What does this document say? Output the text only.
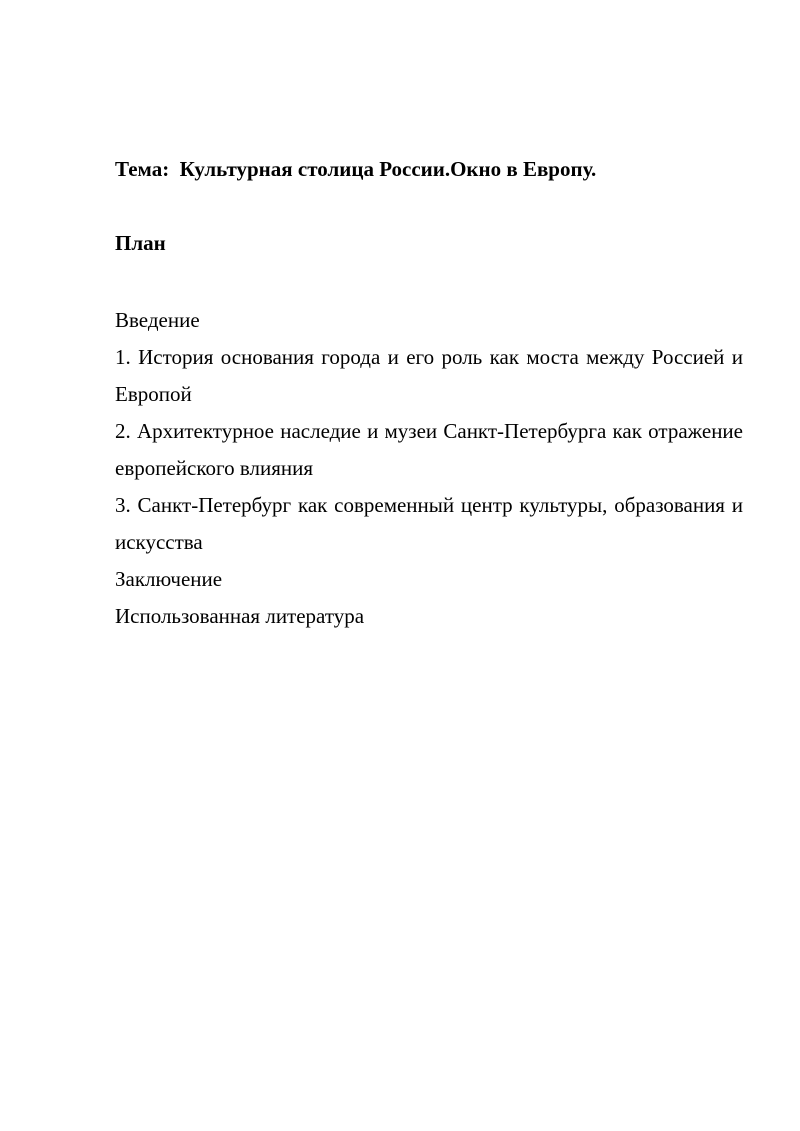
Тема:  Культурная столица России.Окно в Европу.
План
Введение
1. История основания города и его роль как моста между Россией и Европой
2. Архитектурное наследие и музеи Санкт-Петербурга как отражение европейского влияния
3. Санкт-Петербург как современный центр культуры, образования и искусства
Заключение
Использованная литература
